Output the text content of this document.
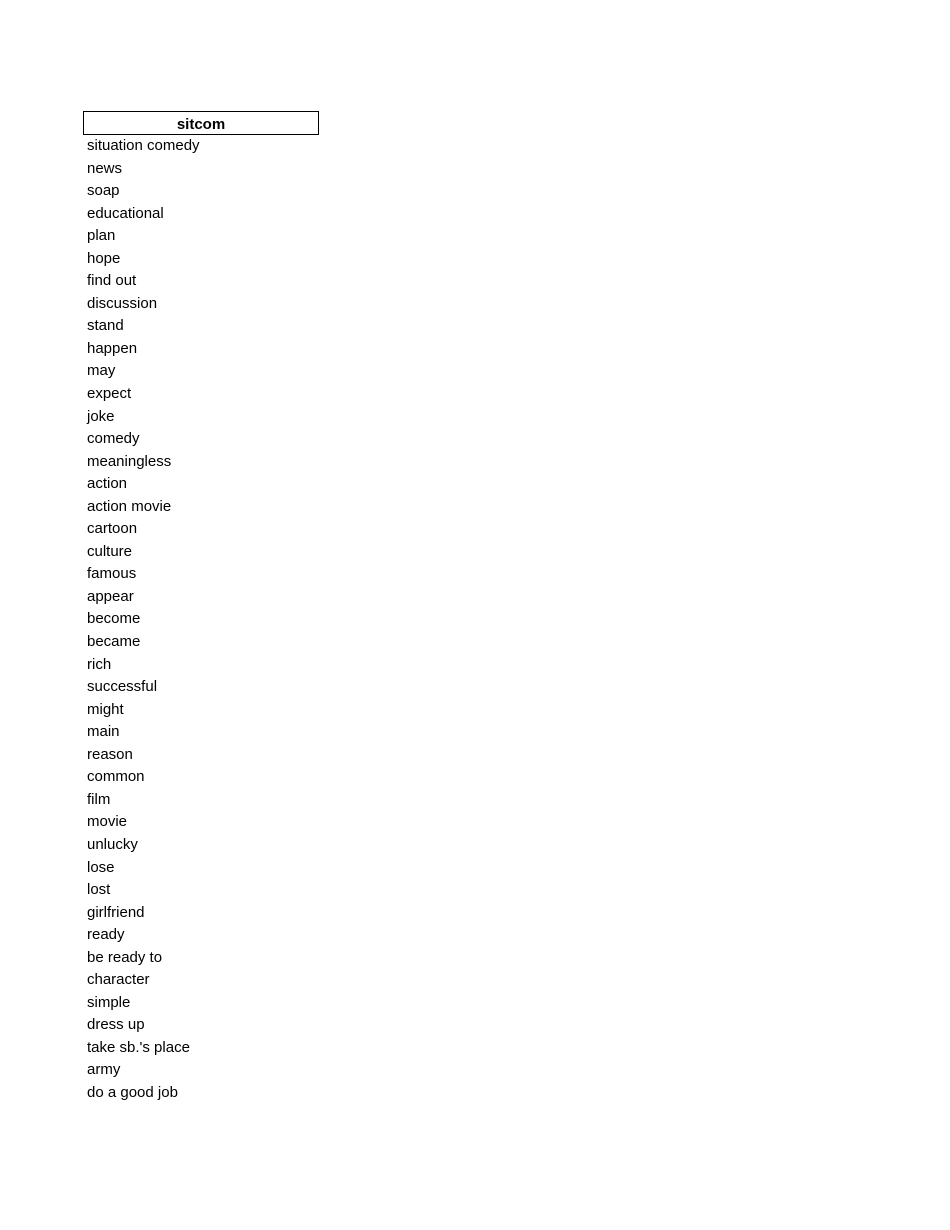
sitcom
situation comedy
news
soap
educational
plan
hope
find out
discussion
stand
happen
may
expect
joke
comedy
meaningless
action
action movie
cartoon
culture
famous
appear
become
became
rich
successful
might
main
reason
common
film
movie
unlucky
lose
lost
girlfriend
ready
be ready to
character
simple
dress up
take sb.'s place
army
do a good job
